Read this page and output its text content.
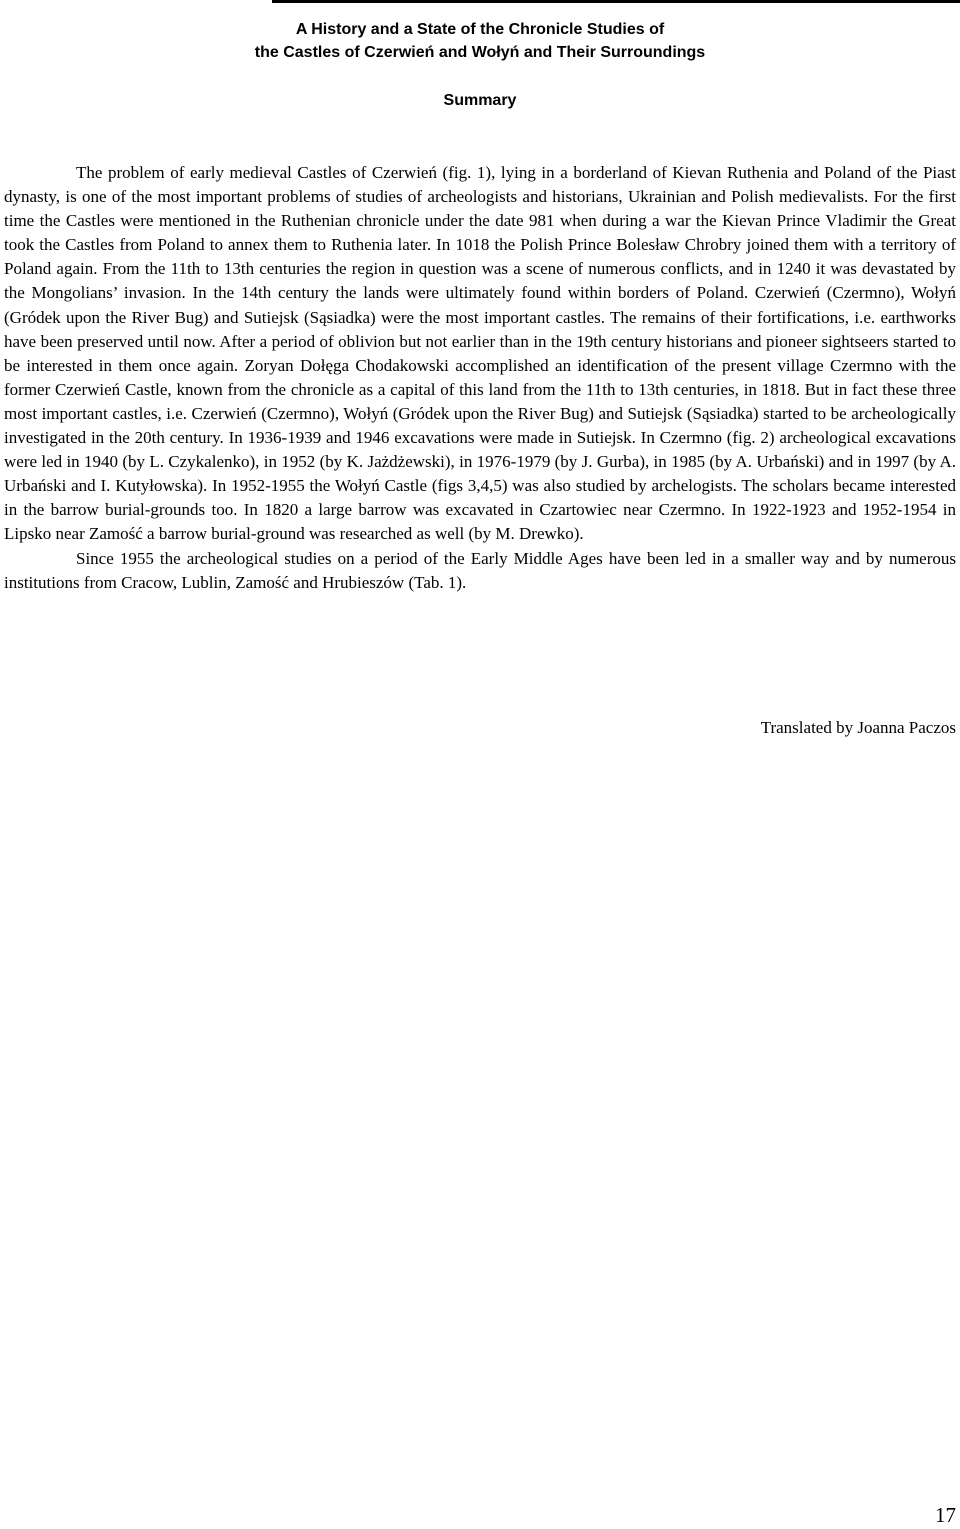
A History and a State of the Chronicle Studies of
the Castles of Czerwień and Wołyń and Their Surroundings
Summary

The problem of early medieval Castles of Czerwień (fig. 1), lying in a borderland of Kievan Ruthenia and Poland of the Piast dynasty, is one of the most important problems of studies of archeologists and historians, Ukrainian and Polish medievalists. For the first time the Castles were mentioned in the Ruthenian chronicle under the date 981 when during a war the Kievan Prince Vladimir the Great took the Castles from Poland to annex them to Ruthenia later. In 1018 the Polish Prince Bolesław Chrobry joined them with a territory of Poland again. From the 11th to 13th centuries the region in question was a scene of numerous conflicts, and in 1240 it was devastated by the Mongolians’ invasion. In the 14th century the lands were ultimately found within borders of Poland. Czerwień (Czermno), Wołyń (Gródek upon the River Bug) and Sutiejsk (Sąsiadka) were the most important castles. The remains of their fortifications, i.e. earthworks have been preserved until now. After a period of oblivion but not earlier than in the 19th century historians and pioneer sightseers started to be interested in them once again. Zoryan Dołęga Chodakowski accomplished an identification of the present village Czermno with the former Czerwień Castle, known from the chronicle as a capital of this land from the 11th to 13th centuries, in 1818. But in fact these three most important castles, i.e. Czerwień (Czermno), Wołyń (Gródek upon the River Bug) and Sutiejsk (Sąsiadka) started to be archeologically investigated in the 20th century. In 1936-1939 and 1946 excavations were made in Sutiejsk. In Czermno (fig. 2) archeological excavations were led in 1940 (by L. Czykalenko), in 1952 (by K. Jażdżewski), in 1976-1979 (by J. Gurba), in 1985 (by A. Urbański) and in 1997 (by A. Urbański and I. Kutyłowska). In 1952-1955 the Wołyń Castle (figs 3,4,5) was also studied by archelogists. The scholars became interested in the barrow burial-grounds too. In 1820 a large barrow was excavated in Czartowiec near Czermno. In 1922-1923 and 1952-1954 in Lipsko near Zamość a barrow burial-ground was researched as well (by M. Drewko).

Since 1955 the archeological studies on a period of the Early Middle Ages have been led in a smaller way and by numerous institutions from Cracow, Lublin, Zamość and Hrubieszów (Tab. 1).

Translated by Joanna Paczos
17
